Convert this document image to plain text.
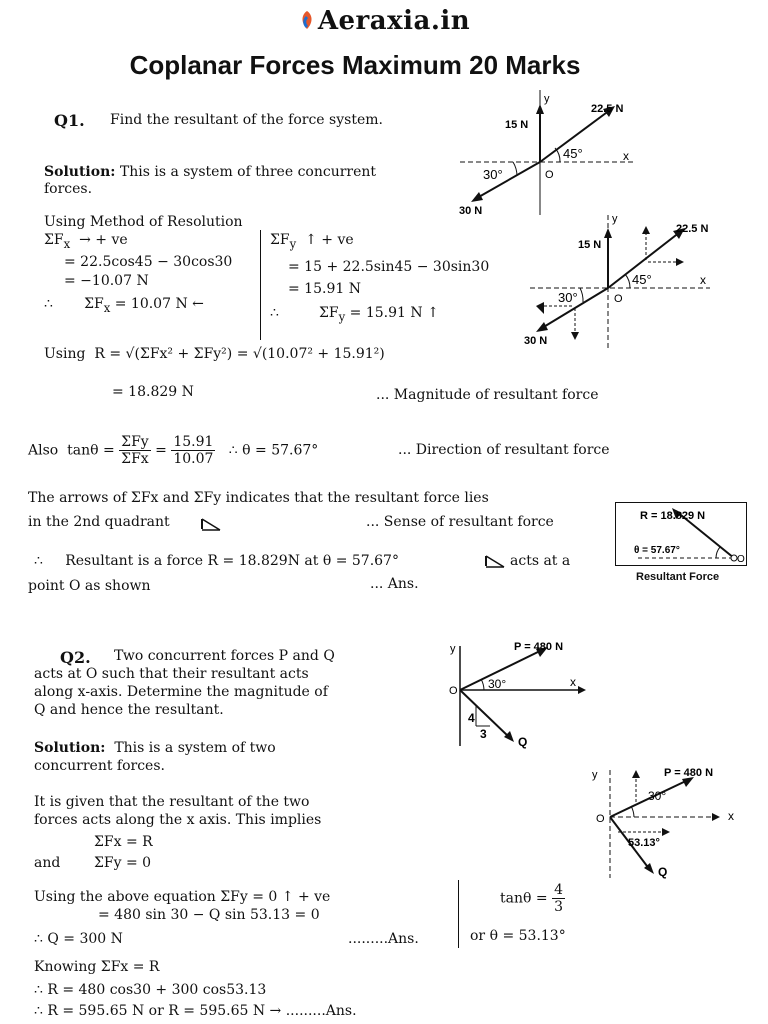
Aeraxia.in
Coplanar Forces Maximum 20 Marks
Q1. Find the resultant of the force system.
Solution: This is a system of three concurrent
forces.
Using Method of Resolution
$\Sigma F_x$ → + ve
= 22.5cos45 − 30cos30
= −10.07 N
∴ $\Sigma F_x = 10.07$ N ←
$\Sigma F_y$ ↑ + ve
= 15 + 22.5sin45 − 30sin30
= 15.91 N
∴	$\Sigma F_y = 15.91$ N ↑
Using R = √(ΣFx² + ΣFy²) = √(10.07² + 15.91²)
= 18.829 N	... Magnitude of resultant force
Also $\tan\theta = \frac{\text{ΣFy}}{\text{ΣFx}} = \frac{15.91}{10.07}$ ∴ θ = 57.67°	... Direction of resultant force
The arrows of ΣFx and ΣFy indicates that the resultant force lies
in the 2nd quadrant	... Sense of resultant force
∴ Resultant is a force R = 18.829N at θ = 57.67°	acts at a
point O as shown	... Ans.
y
x
O
15 N
22.5 N
30 N
45°
30°
y
x
O
15 N
22.5 N
30 N
45°
30°
R = 18.829 N
θ = 57.67°
O
Resultant Force
Q2. Two concurrent forces P and Q
acts at O such that their resultant acts
along x-axis. Determine the magnitude of
Q and hence the resultant.
Solution: This is a system of two
concurrent forces.
It is given that the resultant of the two
forces acts along the x axis. This implies
ΣFx = R
and ΣFy = 0
Using the above equation ΣFy = 0 ↑ + ve
= 480 sin 30 − Q sin 53.13 = 0
∴ Q = 300 N	.........Ans.
$\tan\theta = \frac{4}{3}$
or θ = 53.13°
Knowing ΣFx = R
∴ R = 480 cos30 + 300 cos53.13
∴ R = 595.65 N or R = 595.65 N → .........Ans.
y
x
O
P = 480 N
30°
4
3
Q
y
x
O
P = 480 N
30°
53.13°
Q
